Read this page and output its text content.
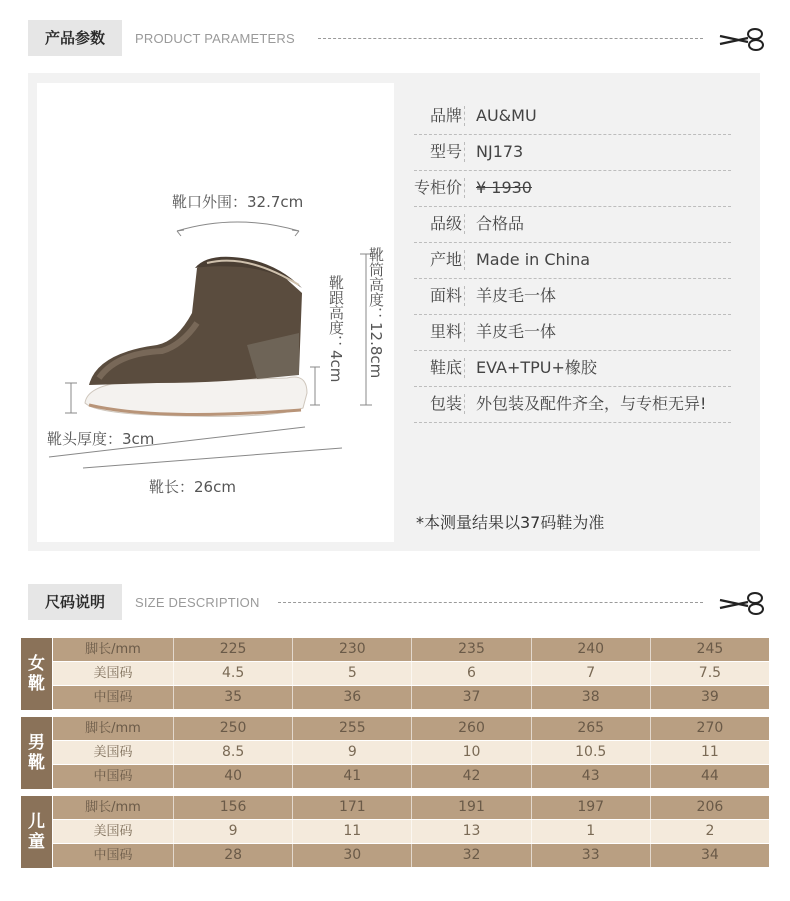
产品参数	PRODUCT PARAMETERS
靴口外围：32.7cm
靴筒高度：12.8cm
靴跟高度：4cm
靴头厚度：3cm
靴长：26cm
品牌 AU&MU
型号 NJ173
专柜价 ¥ 1930
品级 合格品
产地 Made in China
面料 羊皮毛一体
里料 羊皮毛一体
鞋底 EVA+TPU+橡胶
包装 外包装及配件齐全，与专柜无异!
*本测量结果以37码鞋为准
尺码说明	SIZE DESCRIPTION
女靴
脚长/mm	225	230	235	240	245
美国码	4.5	5	6	7	7.5
中国码	35	36	37	38	39
男靴
脚长/mm	250	255	260	265	270
美国码	8.5	9	10	10.5	11
中国码	40	41	42	43	44
儿童
脚长/mm	156	171	191	197	206
美国码	9	11	13	1	2
中国码	28	30	32	33	34
